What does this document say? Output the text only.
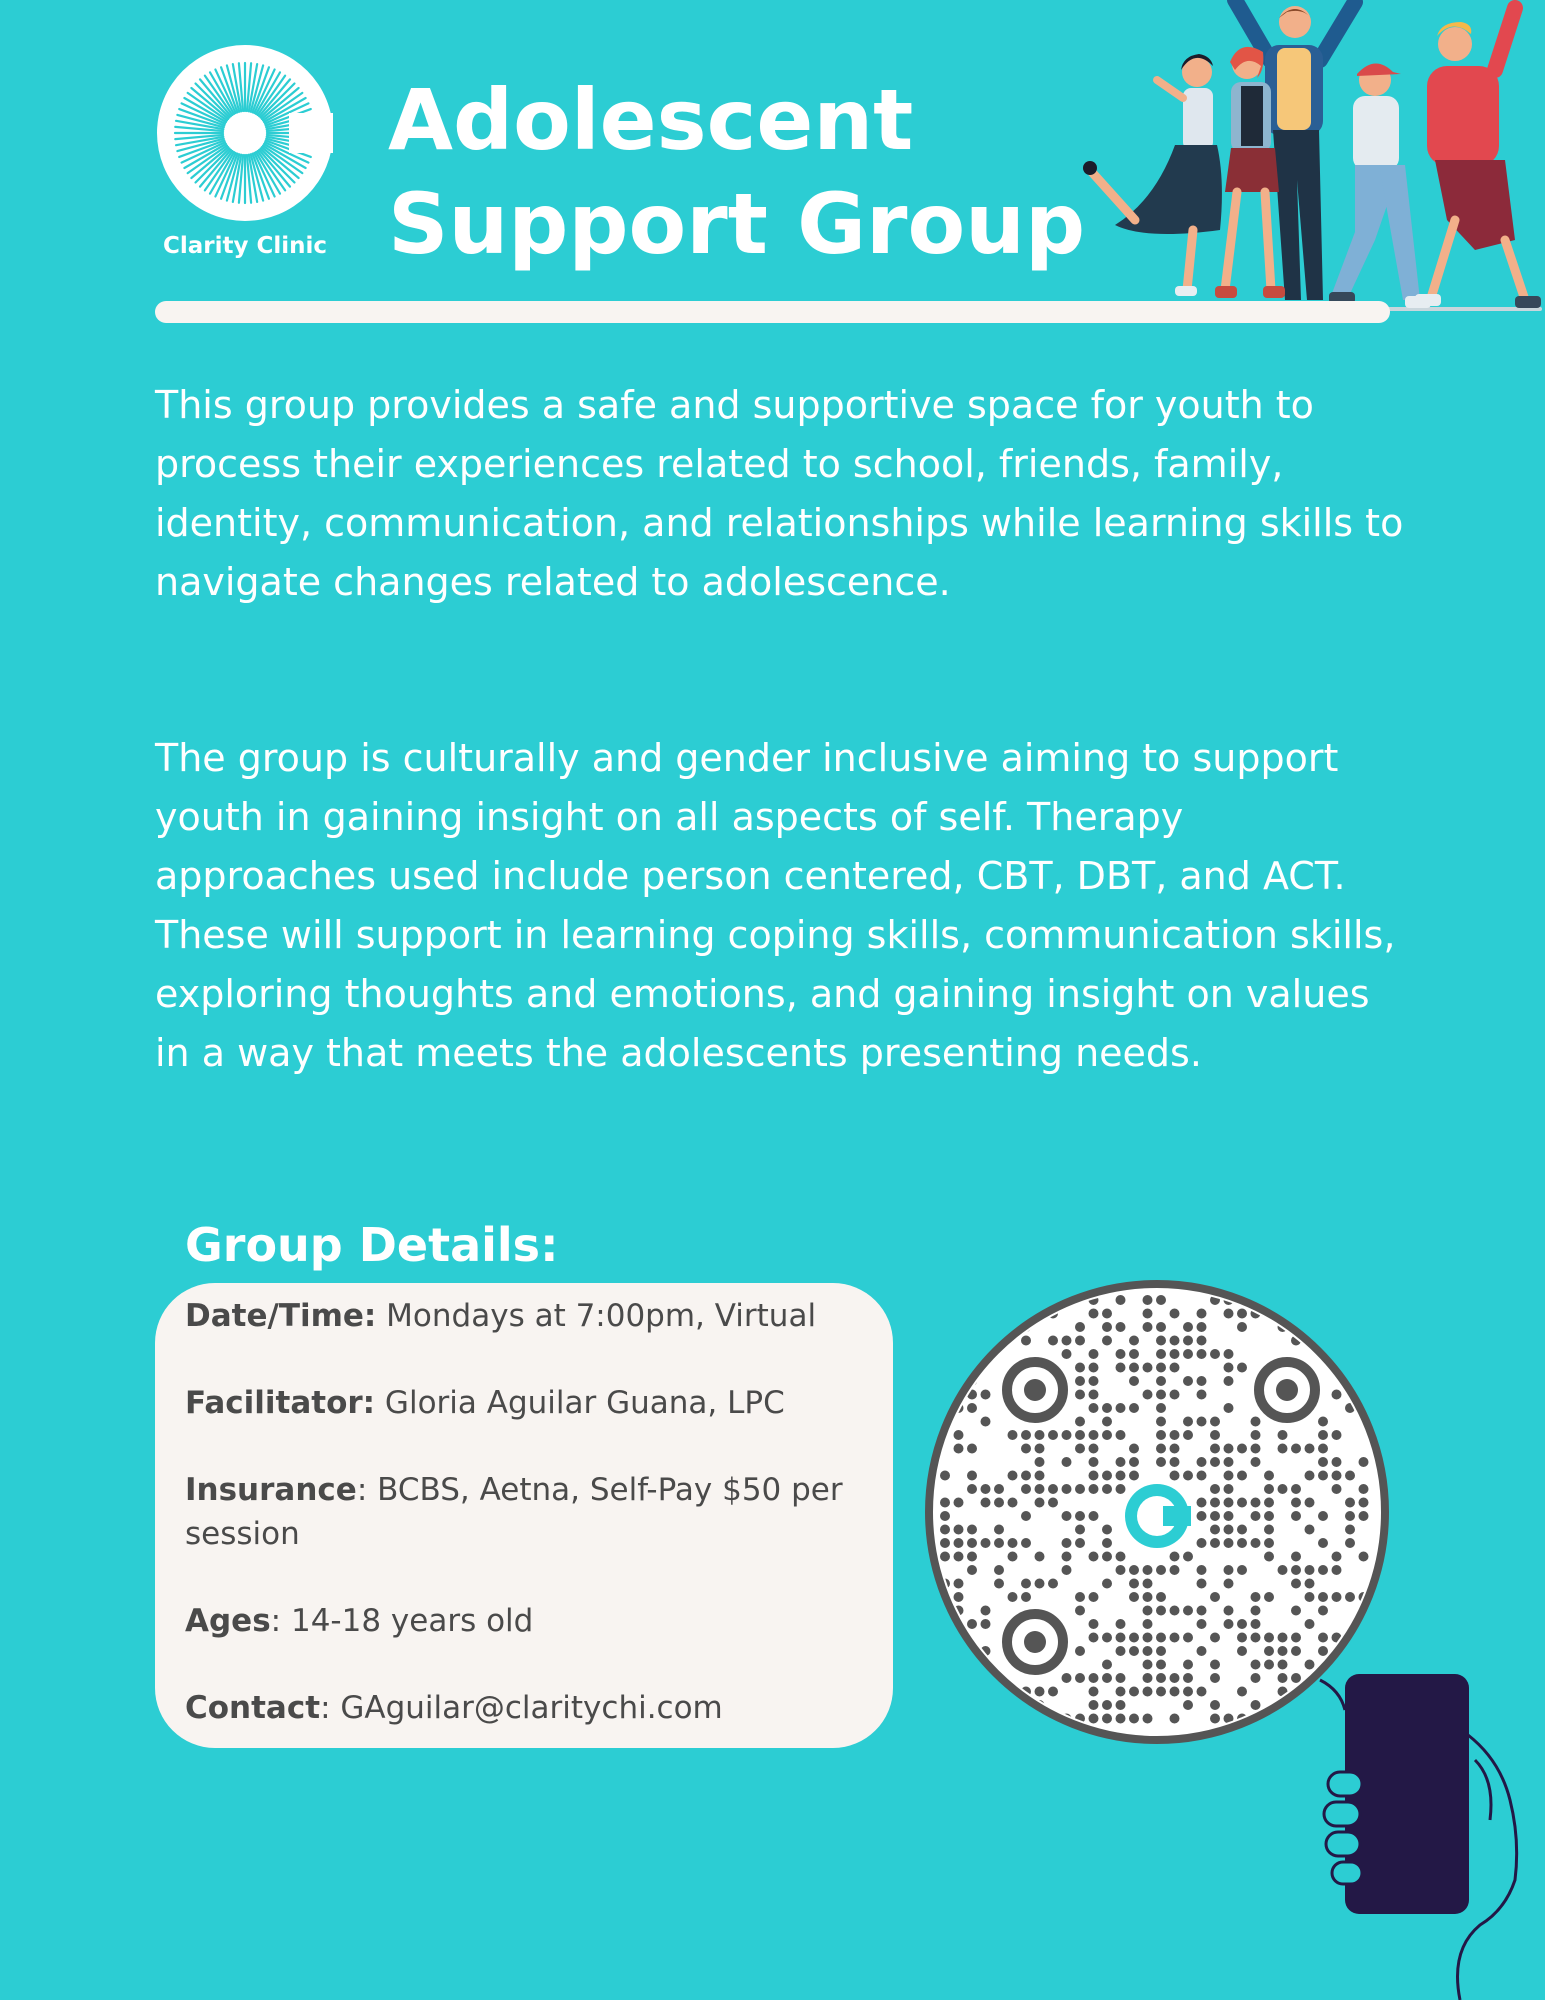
Clarity Clinic
Adolescent
Support Group

This group provides a safe and supportive space for youth to process their experiences related to school, friends, family, identity, communication, and relationships while learning skills to navigate changes related to adolescence.

The group is culturally and gender inclusive aiming to support youth in gaining insight on all aspects of self. Therapy approaches used include person centered, CBT, DBT, and ACT. These will support in learning coping skills, communication skills, exploring thoughts and emotions, and gaining insight on values in a way that meets the adolescents presenting needs.

Group Details:

Date/Time: Mondays at 7:00pm, Virtual

Facilitator: Gloria Aguilar Guana, LPC

Insurance: BCBS, Aetna, Self-Pay $50 per session

Ages: 14-18 years old

Contact: GAguilar@claritychi.com
